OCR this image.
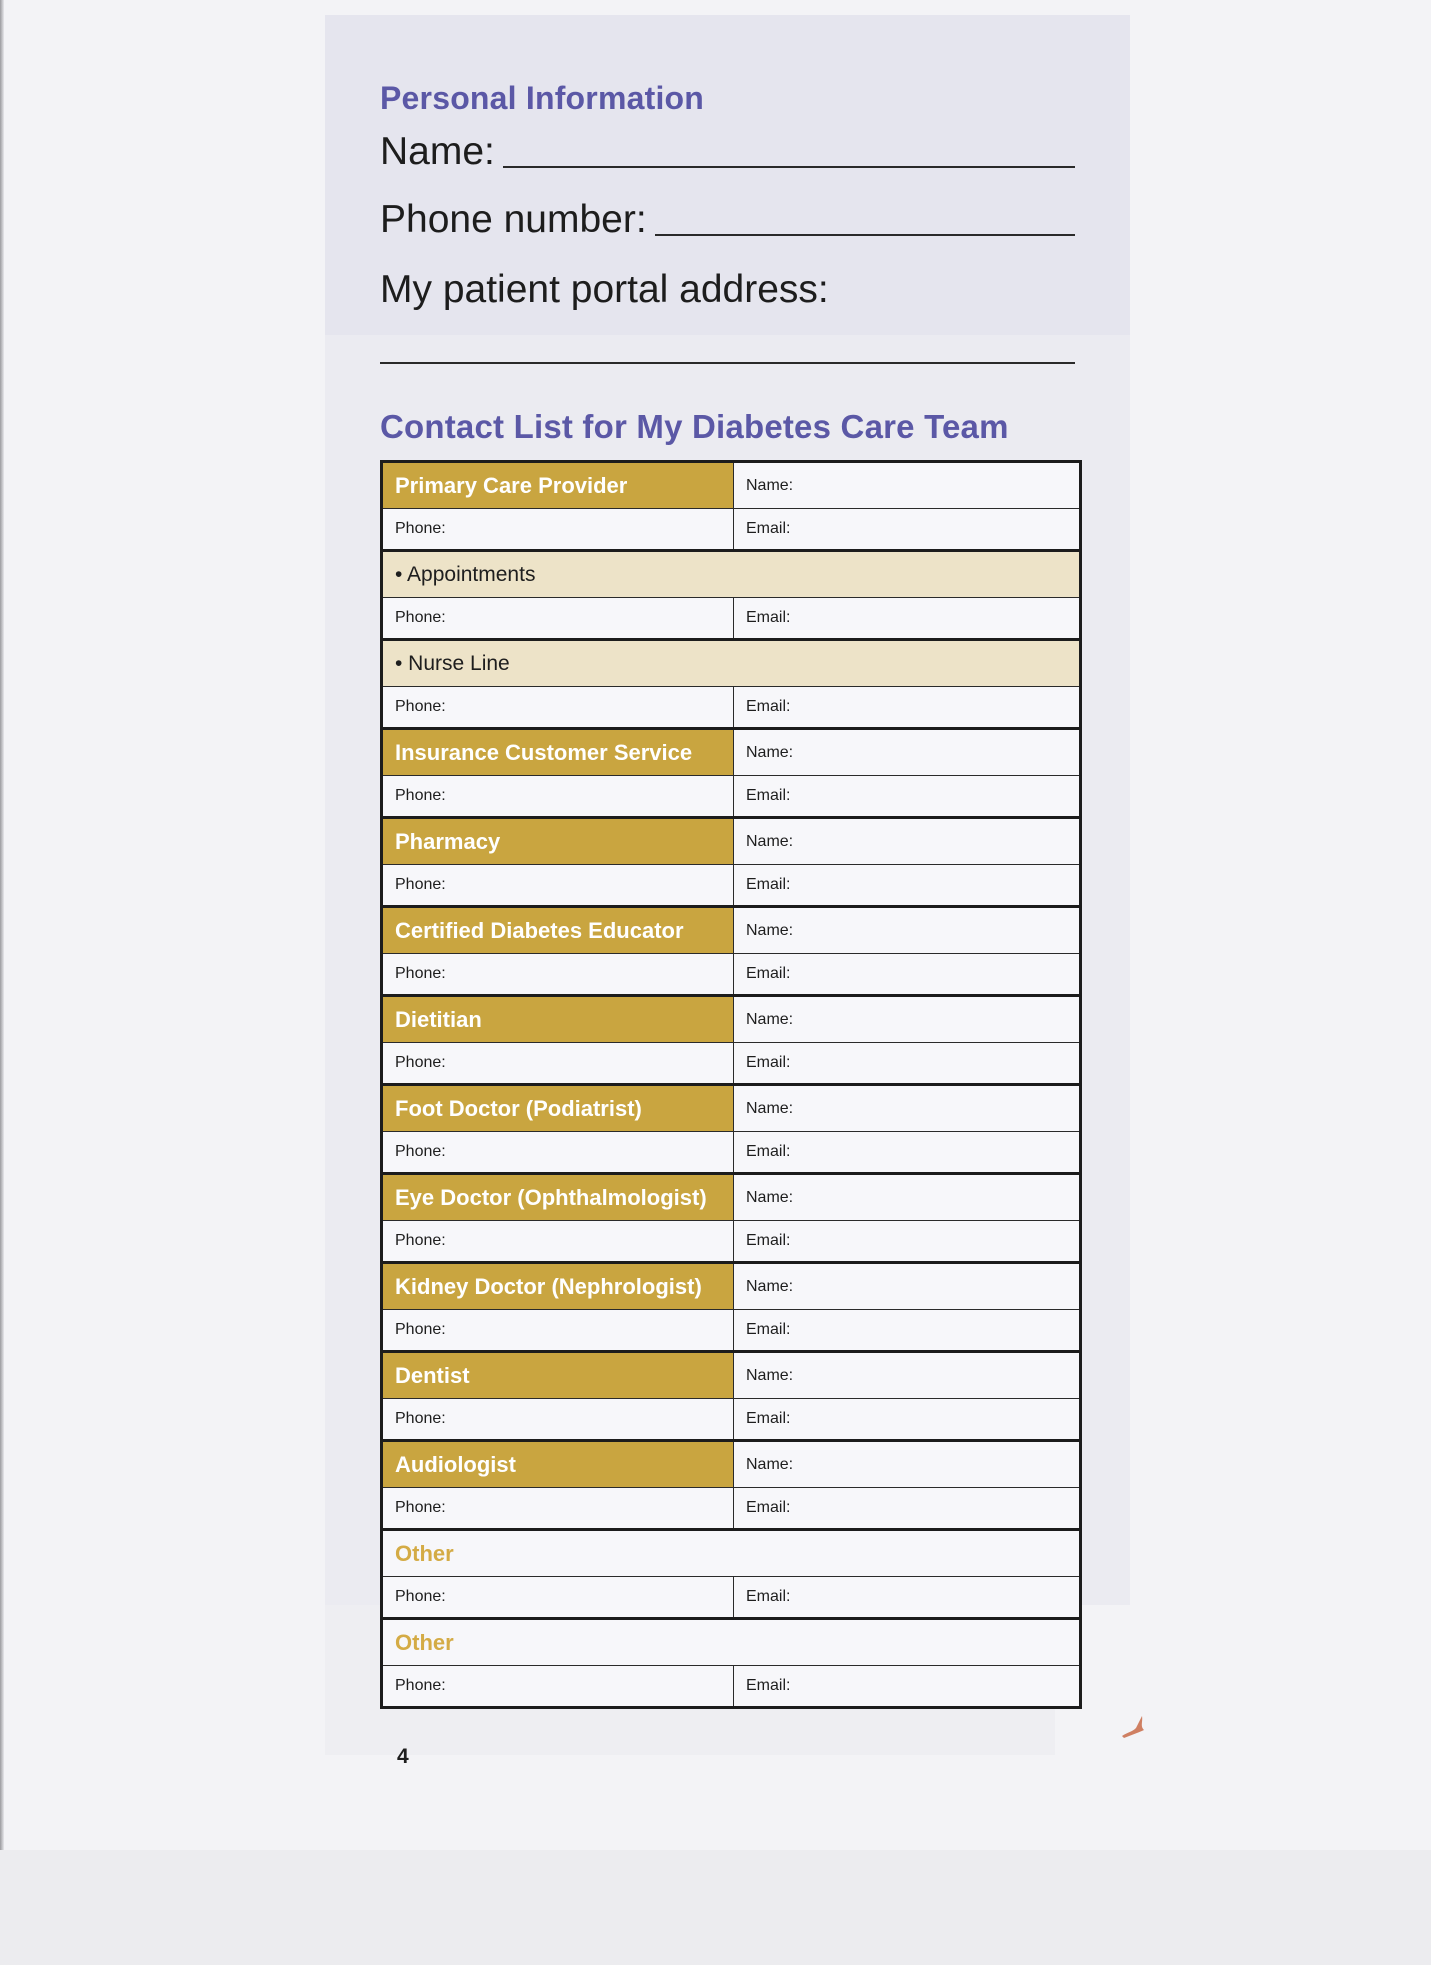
Personal Information
Name:
Phone number:
My patient portal address:
Contact List for My Diabetes Care Team
Primary Care Provider	Name:
Phone:	Email:
• Appointments	
Phone:	Email:
• Nurse Line	
Phone:	Email:
Insurance Customer Service	Name:
Phone:	Email:
Pharmacy	Name:
Phone:	Email:
Certified Diabetes Educator	Name:
Phone:	Email:
Dietitian	Name:
Phone:	Email:
Foot Doctor (Podiatrist)	Name:
Phone:	Email:
Eye Doctor (Ophthalmologist)	Name:
Phone:	Email:
Kidney Doctor (Nephrologist)	Name:
Phone:	Email:
Dentist	Name:
Phone:	Email:
Audiologist	Name:
Phone:	Email:
Other	
Phone:	Email:
Other	
Phone:	Email:
4
